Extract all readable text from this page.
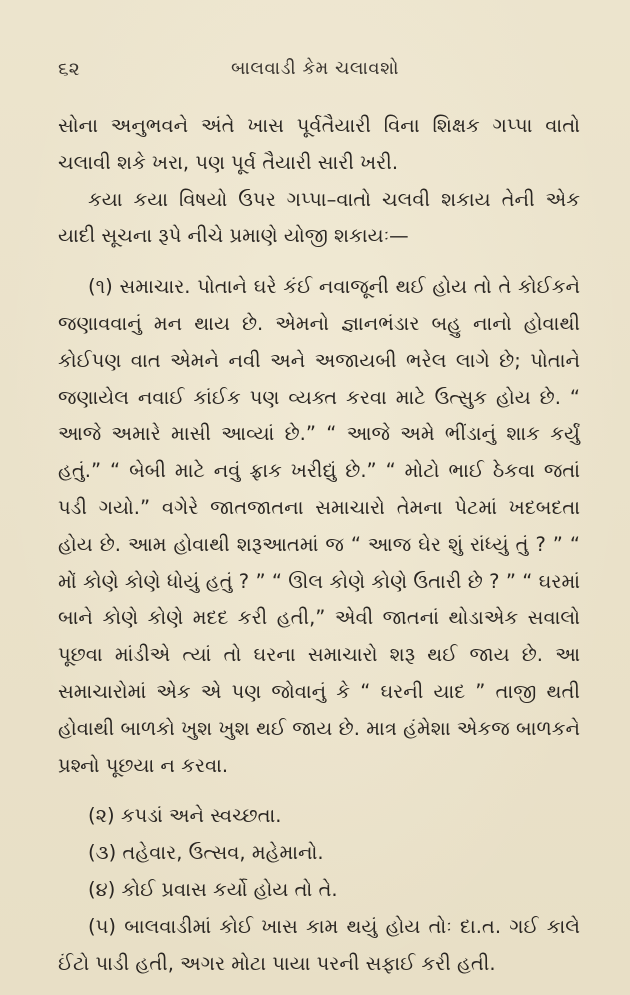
૬૨	બાલવાડી કેમ ચલાવશો

સોના અનુભવને અંતે ખાસ પૂર્વતૈયારી વિના શિક્ષક ગપ્પા વાતો ચલાવી શકે ખરા, પણ પૂર્વ તૈયારી સારી ખરી.

કયા કયા વિષયો ઉપર ગપ્પા–વાતો ચલવી શકાય તેની એક યાદી સૂચના રૂપે નીચે પ્રમાણે યોજી શકાયઃ—

(૧) સમાચાર. પોતાને ઘરે કંઈ નવાજૂની થઈ હોય તો તે કોઈકને જણાવવાનું મન થાય છે. એમનો જ્ઞાનભંડાર બહુ નાનો હોવાથી કોઈપણ વાત એમને નવી અને અજાયબી ભરેલ લાગે છે; પોતાને જણાયેલ નવાઈ કાંઈક પણ વ્યક્ત કરવા માટે ઉત્સુક હોય છે. “ આજે અમારે માસી આવ્યાં છે.” “ આજે અમે ભીંડાનું શાક કર્યું હતું.” “ બેબી માટે નવું ફ્રાક ખરીદ્યું છે.” “ મોટો ભાઈ ઠેકવા જતાં પડી ગયો.” વગેરે જાતજાતના સમાચારો તેમના પેટમાં ખદબદતા હોય છે. આમ હોવાથી શરૂઆતમાં જ “ આજ ઘેર શું રાંધ્યું તું ? ” “ મોં કોણે કોણે ધોયું હતું ? ” “ ઊલ કોણે કોણે ઉતારી છે ? ” “ ઘરમાં બાને કોણે કોણે મદદ કરી હતી,” એવી જાતનાં થોડાએક સવાલો પૂછવા માંડીએ ત્યાં તો ઘરના સમાચારો શરૂ થઈ જાય છે. આ સમાચારોમાં એક એ પણ જોવાનું કે “ ઘરની યાદ ” તાજી થતી હોવાથી બાળકો ખુશ ખુશ થઈ જાય છે. માત્ર હંમેશા એકજ બાળકને પ્રશ્નો પૂછયા ન કરવા.

(૨) કપડાં અને સ્વચ્છતા.
(૩) તહેવાર, ઉત્સવ, મહેમાનો.
(૪) કોઈ પ્રવાસ કર્યો હોય તો તે.

(૫) બાલવાડીમાં કોઈ ખાસ કામ થયું હોય તોઃ દા.ત. ગઈ કાલે ઈંટો પાડી હતી, અગર મોટા પાયા પરની સફાઈ કરી હતી.
